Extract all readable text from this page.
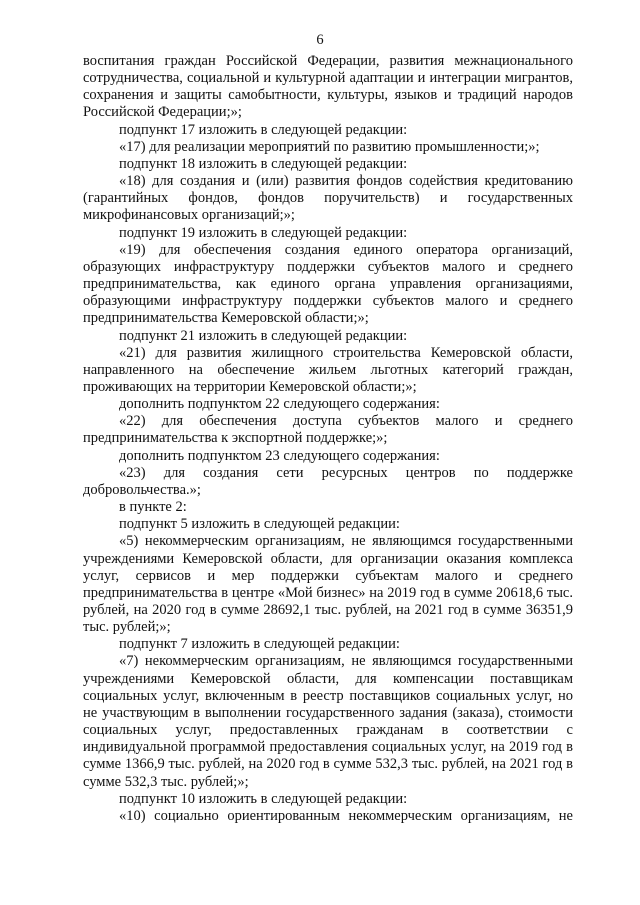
6

воспитания граждан Российской Федерации, развития межнационального сотрудничества, социальной и культурной адаптации и интеграции мигрантов, сохранения и защиты самобытности, культуры, языков и традиций народов Российской Федерации;»;

подпункт 17 изложить в следующей редакции:

«17) для реализации мероприятий по развитию промышленности;»;

подпункт 18 изложить в следующей редакции:

«18) для создания и (или) развития фондов содействия кредитованию (гарантийных фондов, фондов поручительств) и государственных микрофинансовых организаций;»;

подпункт 19 изложить в следующей редакции:

«19) для обеспечения создания единого оператора организаций, образующих инфраструктуру поддержки субъектов малого и среднего предпринимательства, как единого органа управления организациями, образующими инфраструктуру поддержки субъектов малого и среднего предпринимательства Кемеровской области;»;

подпункт 21 изложить в следующей редакции:

«21) для развития жилищного строительства Кемеровской области, направленного на обеспечение жильем льготных категорий граждан, проживающих на территории Кемеровской области;»;

дополнить подпунктом 22 следующего содержания:

«22) для обеспечения доступа субъектов малого и среднего предпринимательства к экспортной поддержке;»;

дополнить подпунктом 23 следующего содержания:

«23) для создания сети ресурсных центров по поддержке добровольчества.»;

в пункте 2:

подпункт 5 изложить в следующей редакции:

«5) некоммерческим организациям, не являющимся государственными учреждениями Кемеровской области, для организации оказания комплекса услуг, сервисов и мер поддержки субъектам малого и среднего предпринимательства в центре «Мой бизнес» на 2019 год в сумме 20618,6 тыс. рублей, на 2020 год в сумме 28692,1 тыс. рублей, на 2021 год в сумме 36351,9 тыс. рублей;»;

подпункт 7 изложить в следующей редакции:

«7) некоммерческим организациям, не являющимся государственными учреждениями Кемеровской области, для компенсации поставщикам социальных услуг, включенным в реестр поставщиков социальных услуг, но не участвующим в выполнении государственного задания (заказа), стоимости социальных услуг, предоставленных гражданам в соответствии с индивидуальной программой предоставления социальных услуг, на 2019 год в сумме 1366,9 тыс. рублей, на 2020 год в сумме 532,3 тыс. рублей, на 2021 год в сумме 532,3 тыс. рублей;»;

подпункт 10 изложить в следующей редакции:

«10) социально ориентированным некоммерческим организациям, не
